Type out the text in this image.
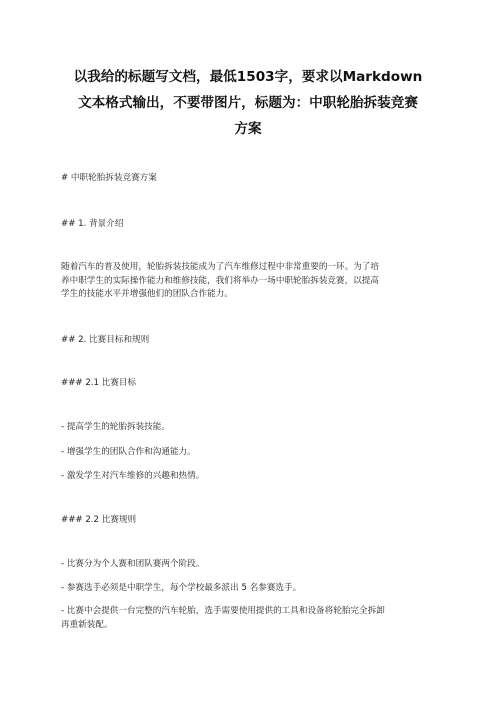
以我给的标题写文档，最低1503字，要求以Markdown
文本格式输出，不要带图片，标题为：中职轮胎拆装竞赛
方案
# 中职轮胎拆装竞赛方案
## 1. 背景介绍
随着汽车的普及使用，轮胎拆装技能成为了汽车维修过程中非常重要的一环。为了培
养中职学生的实际操作能力和维修技能，我们将举办一场中职轮胎拆装竞赛，以提高
学生的技能水平并增强他们的团队合作能力。
## 2. 比赛目标和规则
### 2.1 比赛目标
- 提高学生的轮胎拆装技能。
- 增强学生的团队合作和沟通能力。
- 激发学生对汽车维修的兴趣和热情。
### 2.2 比赛规则
- 比赛分为个人赛和团队赛两个阶段。
- 参赛选手必须是中职学生，每个学校最多派出 5 名参赛选手。
- 比赛中会提供一台完整的汽车轮胎，选手需要使用提供的工具和设备将轮胎完全拆卸
再重新装配。
